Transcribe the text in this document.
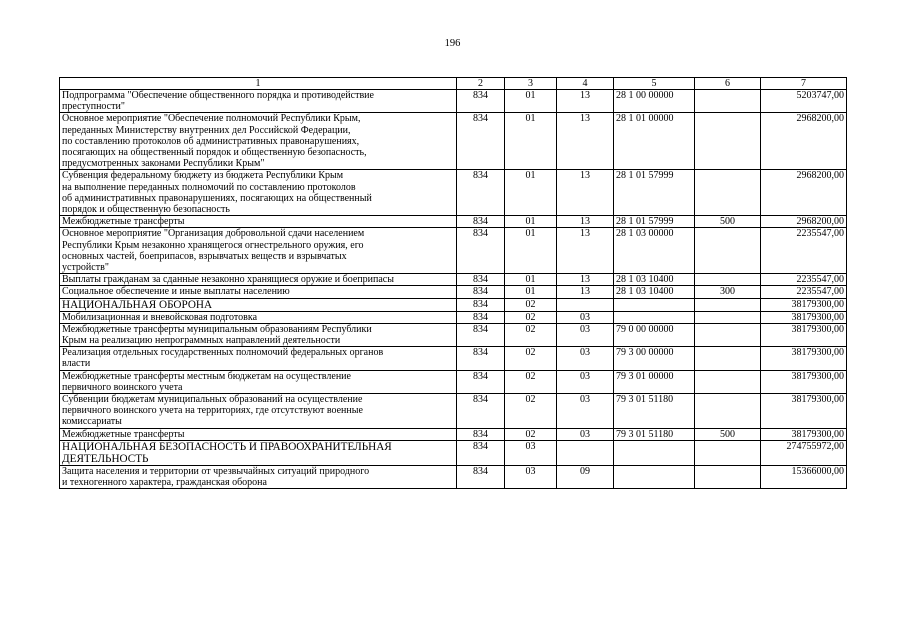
196
1	2	3	4	5	6	7
Подпрограмма "Обеспечение общественного порядка и противодействие
преступности"	834	01	13	28 1 00 00000		5203747,00
Основное мероприятие "Обеспечение полномочий Республики Крым,
переданных Министерству внутренних дел Российской Федерации,
по составлению протоколов об административных правонарушениях,
посягающих на общественный порядок и общественную безопасность,
предусмотренных законами Республики Крым"	834	01	13	28 1 01 00000		2968200,00
Субвенция федеральному бюджету из бюджета Республики Крым
на выполнение переданных полномочий по составлению протоколов
об административных правонарушениях, посягающих на общественный
порядок и общественную безопасность	834	01	13	28 1 01 57999		2968200,00
Межбюджетные трансферты	834	01	13	28 1 01 57999	500	2968200,00
Основное мероприятие "Организация добровольной сдачи населением
Республики Крым незаконно хранящегося огнестрельного оружия, его
основных частей, боеприпасов, взрывчатых веществ и взрывчатых
устройств"	834	01	13	28 1 03 00000		2235547,00
Выплаты гражданам за сданные незаконно хранящиеся оружие и боеприпасы	834	01	13	28 1 03 10400		2235547,00
Социальное обеспечение и иные выплаты населению	834	01	13	28 1 03 10400	300	2235547,00
НАЦИОНАЛЬНАЯ ОБОРОНА	834	02				38179300,00
Мобилизационная и вневойсковая подготовка	834	02	03			38179300,00
Межбюджетные трансферты муниципальным образованиям Республики
Крым на реализацию непрограммных направлений деятельности	834	02	03	79 0 00 00000		38179300,00
Реализация отдельных государственных полномочий федеральных органов
власти	834	02	03	79 3 00 00000		38179300,00
Межбюджетные трансферты местным бюджетам на осуществление
первичного воинского учета	834	02	03	79 3 01 00000		38179300,00
Субвенции бюджетам муниципальных образований на осуществление
первичного воинского учета на территориях, где отсутствуют военные
комиссариаты	834	02	03	79 3 01 51180		38179300,00
Межбюджетные трансферты	834	02	03	79 3 01 51180	500	38179300,00
НАЦИОНАЛЬНАЯ БЕЗОПАСНОСТЬ И ПРАВООХРАНИТЕЛЬНАЯ
ДЕЯТЕЛЬНОСТЬ	834	03				274755972,00
Защита населения и территории от чрезвычайных ситуаций природного
и техногенного характера, гражданская оборона	834	03	09			15366000,00
